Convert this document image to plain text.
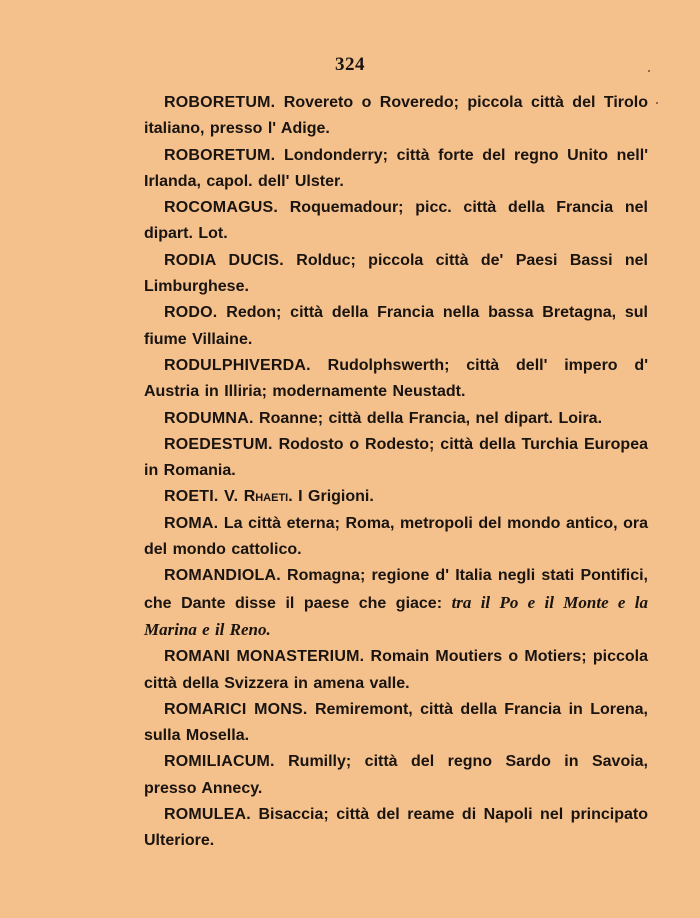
324

ROBORETUM. Rovereto o Roveredo; piccola città del Tirolo italiano, presso l' Adige.

ROBORETUM. Londonderry; città forte del regno Unito nell' Irlanda, capol. dell' Ulster.

ROCOMAGUS. Roquemadour; picc. città della Francia nel dipart. Lot.

RODIA DUCIS. Rolduc; piccola città de' Paesi Bassi nel Limburghese.

RODO. Redon; città della Francia nella bassa Bretagna, sul fiume Villaine.

RODULPHIVERDA. Rudolphswerth; città dell' impero d' Austria in Illiria; modernamente Neustadt.

RODUMNA. Roanne; città della Francia, nel dipart. Loira.

ROEDESTUM. Rodosto o Rodesto; città della Turchia Europea in Romania.

ROETI. V. Rhaeti. I Grigioni.

ROMA. La città eterna; Roma, metropoli del mondo antico, ora del mondo cattolico.

ROMANDIOLA. Romagna; regione d' Italia negli stati Pontifici, che Dante disse il paese che giace: tra il Po e il Monte e la Marina e il Reno.

ROMANI MONASTERIUM. Romain Moutiers o Motiers; piccola città della Svizzera in amena valle.

ROMARICI MONS. Remiremont, città della Francia in Lorena, sulla Mosella.

ROMILIACUM. Rumilly; città del regno Sardo in Savoia, presso Annecy.

ROMULEA. Bisaccia; città del reame di Napoli nel principato Ulteriore.
